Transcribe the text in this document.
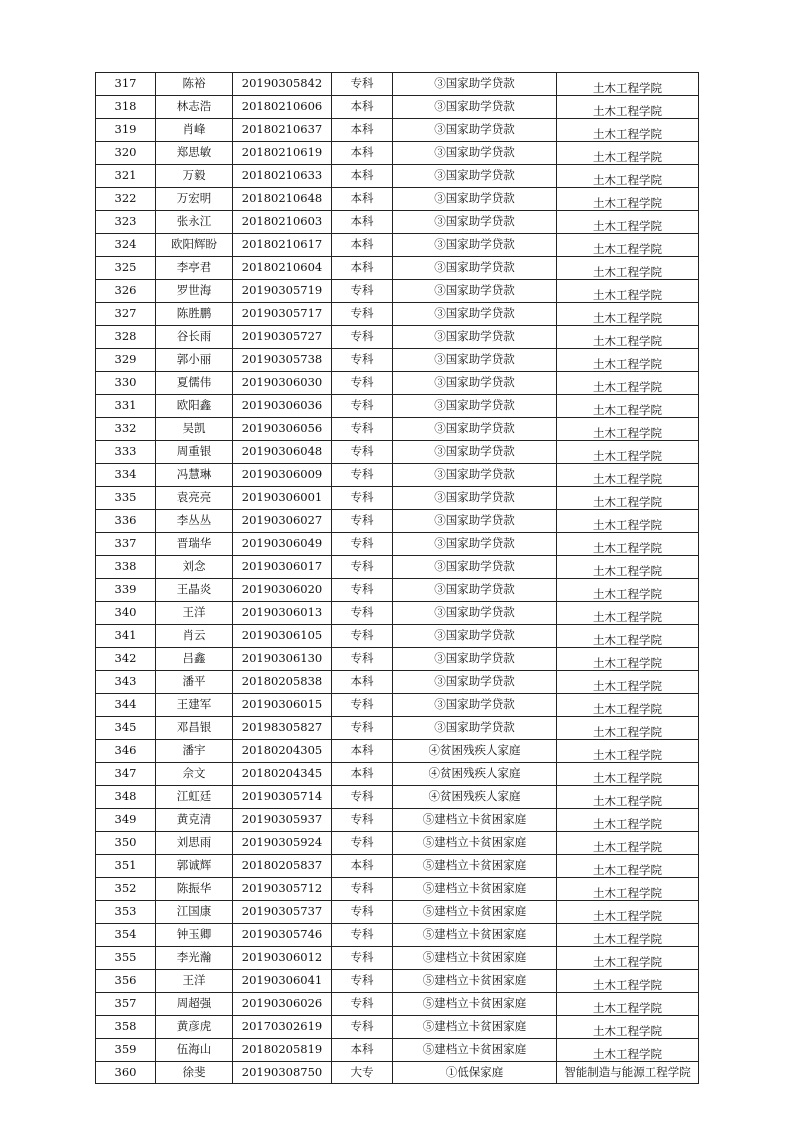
317	陈裕	20190305842	专科	③国家助学贷款	土木工程学院
318	林志浩	20180210606	本科	③国家助学贷款	土木工程学院
319	肖峰	20180210637	本科	③国家助学贷款	土木工程学院
320	郑思敏	20180210619	本科	③国家助学贷款	土木工程学院
321	万毅	20180210633	本科	③国家助学贷款	土木工程学院
322	万宏明	20180210648	本科	③国家助学贷款	土木工程学院
323	张永江	20180210603	本科	③国家助学贷款	土木工程学院
324	欧阳辉盼	20180210617	本科	③国家助学贷款	土木工程学院
325	李亭君	20180210604	本科	③国家助学贷款	土木工程学院
326	罗世海	20190305719	专科	③国家助学贷款	土木工程学院
327	陈胜鹏	20190305717	专科	③国家助学贷款	土木工程学院
328	谷长雨	20190305727	专科	③国家助学贷款	土木工程学院
329	郭小丽	20190305738	专科	③国家助学贷款	土木工程学院
330	夏儒伟	20190306030	专科	③国家助学贷款	土木工程学院
331	欧阳鑫	20190306036	专科	③国家助学贷款	土木工程学院
332	吴凯	20190306056	专科	③国家助学贷款	土木工程学院
333	周重银	20190306048	专科	③国家助学贷款	土木工程学院
334	冯慧琳	20190306009	专科	③国家助学贷款	土木工程学院
335	袁亮亮	20190306001	专科	③国家助学贷款	土木工程学院
336	李丛丛	20190306027	专科	③国家助学贷款	土木工程学院
337	晋瑞华	20190306049	专科	③国家助学贷款	土木工程学院
338	刘念	20190306017	专科	③国家助学贷款	土木工程学院
339	王晶炎	20190306020	专科	③国家助学贷款	土木工程学院
340	王洋	20190306013	专科	③国家助学贷款	土木工程学院
341	肖云	20190306105	专科	③国家助学贷款	土木工程学院
342	吕鑫	20190306130	专科	③国家助学贷款	土木工程学院
343	潘平	20180205838	本科	③国家助学贷款	土木工程学院
344	王建军	20190306015	专科	③国家助学贷款	土木工程学院
345	邓昌银	20198305827	专科	③国家助学贷款	土木工程学院
346	潘宇	20180204305	本科	④贫困残疾人家庭	土木工程学院
347	佘文	20180204345	本科	④贫困残疾人家庭	土木工程学院
348	江虹廷	20190305714	专科	④贫困残疾人家庭	土木工程学院
349	黄克清	20190305937	专科	⑤建档立卡贫困家庭	土木工程学院
350	刘思雨	20190305924	专科	⑤建档立卡贫困家庭	土木工程学院
351	郭诚辉	20180205837	本科	⑤建档立卡贫困家庭	土木工程学院
352	陈振华	20190305712	专科	⑤建档立卡贫困家庭	土木工程学院
353	江国康	20190305737	专科	⑤建档立卡贫困家庭	土木工程学院
354	钟玉卿	20190305746	专科	⑤建档立卡贫困家庭	土木工程学院
355	李光瀚	20190306012	专科	⑤建档立卡贫困家庭	土木工程学院
356	王洋	20190306041	专科	⑤建档立卡贫困家庭	土木工程学院
357	周超强	20190306026	专科	⑤建档立卡贫困家庭	土木工程学院
358	黄彦虎	20170302619	专科	⑤建档立卡贫困家庭	土木工程学院
359	伍海山	20180205819	本科	⑤建档立卡贫困家庭	土木工程学院
360	徐斐	20190308750	大专	①低保家庭	智能制造与能源工程学院
